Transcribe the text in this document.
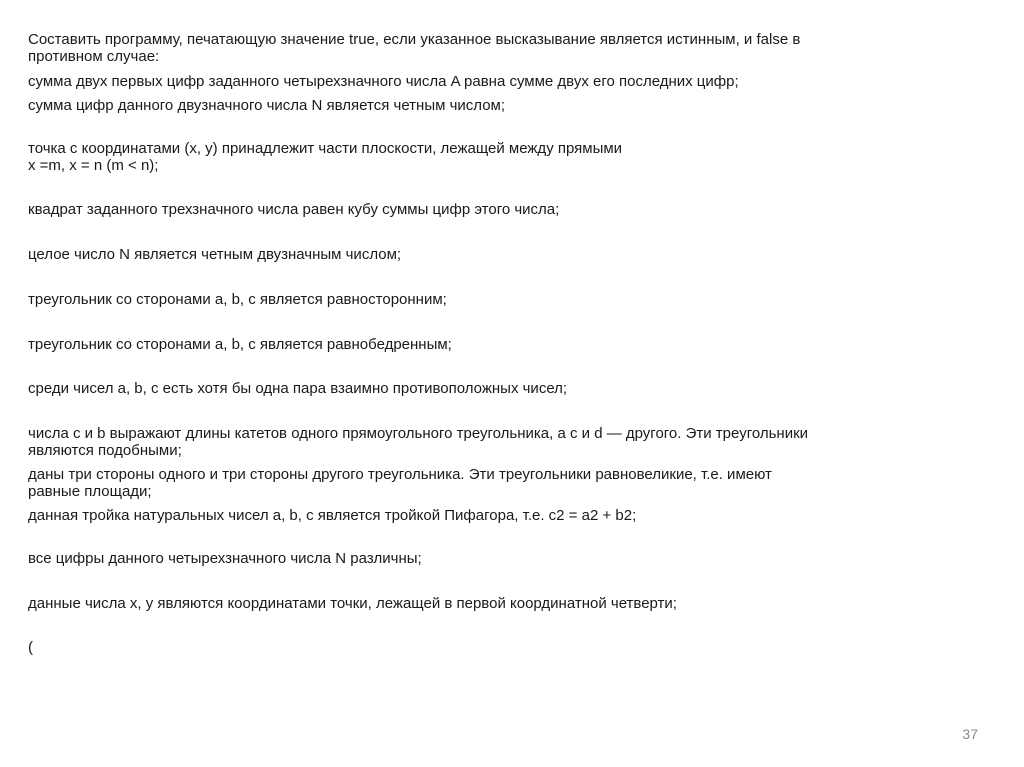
Составить программу, печатающую значение true, если указанное высказывание является истинным, и false в
противном случае:
сумма двух первых цифр заданного четырехзначного числа A равна сумме двух его последних цифр;
сумма цифр данного двузначного числа N является четным числом;
точка с координатами (x, y) принадлежит части плоскости, лежащей между прямыми
x =m, x = n (m < n);
квадрат заданного трехзначного числа равен кубу суммы цифр этого числа;
целое число N является четным двузначным числом;
треугольник со сторонами a, b, c является равносторонним;
треугольник со сторонами a, b, c является равнобедренным;
среди чисел a, b, c есть хотя бы одна пара взаимно противоположных чисел;
числа c и b выражают длины катетов одного прямоугольного треугольника, а c и d — другого. Эти треугольники
являются подобными;
даны три стороны одного и три стороны другого треугольника. Эти треугольники равновеликие, т.е. имеют
равные площади;
данная тройка натуральных чисел a, b, c является тройкой Пифагора, т.е. c2 = a2 + b2;
все цифры данного четырехзначного числа N различны;
данные числа x, y являются координатами точки, лежащей в первой координатной четверти;
(
37
